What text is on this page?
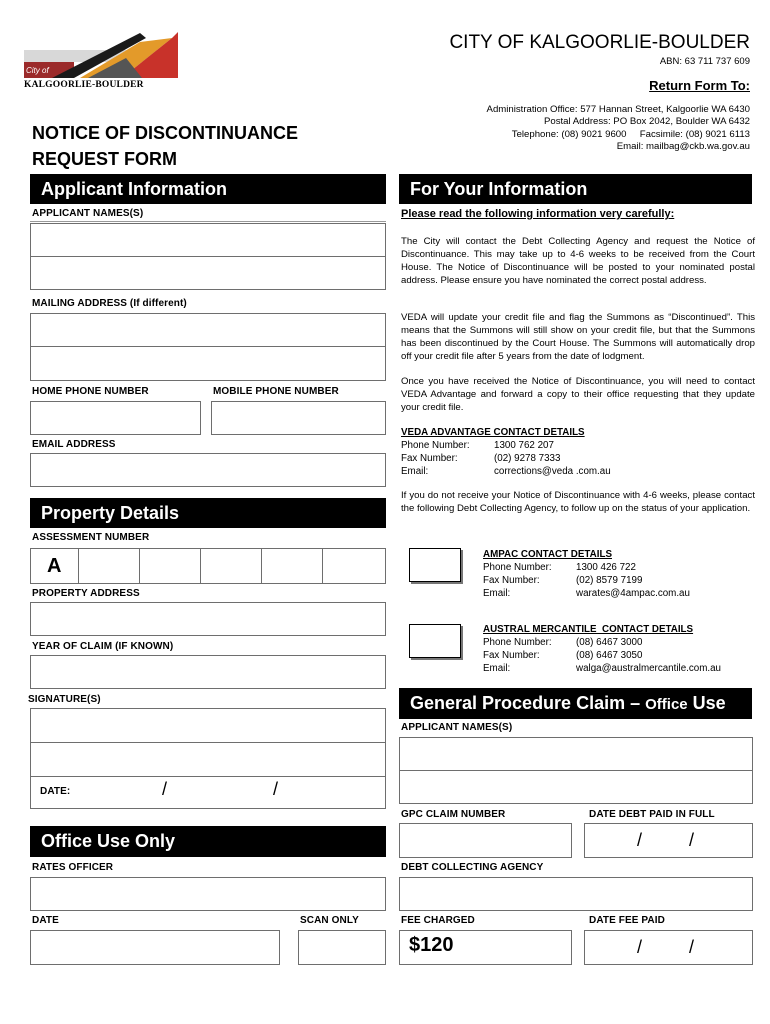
City of
KALGOORLIE-BOULDER
CITY OF KALGOORLIE-BOULDER
ABN: 63 711 737 609
Return Form To:
Administration Office: 577 Hannan Street, Kalgoorlie WA 6430
Postal Address: PO Box 2042, Boulder WA 6432
Telephone: (08) 9021 9600     Facsimile: (08) 9021 6113
Email: mailbag@ckb.wa.gov.au
NOTICE OF DISCONTINUANCE
REQUEST FORM
Applicant Information
APPLICANT NAMES(S)
MAILING ADDRESS (If different)
HOME PHONE NUMBER	MOBILE PHONE NUMBER
EMAIL ADDRESS
Property Details
ASSESSMENT NUMBER
A
PROPERTY ADDRESS
YEAR OF CLAIM (IF KNOWN)
SIGNATURE(S)
DATE:	/	/
Office Use Only
RATES OFFICER
DATE	SCAN ONLY
For Your Information
Please read the following information very carefully:
The City will contact the Debt Collecting Agency and request the Notice of Discontinuance. This may take up to 4-6 weeks to be received from the Court House. The Notice of Discontinuance will be posted to your nominated postal address. Please ensure you have nominated the correct postal address.
VEDA will update your credit file and flag the Summons as “Discontinued”. This means that the Summons will still show on your credit file, but that the Summons has been discontinued by the Court House. The Summons will automatically drop off your credit file after 5 years from the date of lodgment.
Once you have received the Notice of Discontinuance, you will need to contact VEDA Advantage and forward a copy to their office requesting that they update your credit file.
VEDA ADVANTAGE CONTACT DETAILS
Phone Number:	1300 762 207
Fax Number:	(02) 9278 7333
Email:	corrections@veda .com.au
If you do not receive your Notice of Discontinuance with 4-6 weeks, please contact the following Debt Collecting Agency, to follow up on the status of your application.
AMPAC CONTACT DETAILS
Phone Number:	1300 426 722
Fax Number:	(02) 8579 7199
Email:	warates@4ampac.com.au
AUSTRAL MERCANTILE  CONTACT DETAILS
Phone Number:	(08) 6467 3000
Fax Number:	(08) 6467 3050
Email:	walga@australmercantile.com.au
General Procedure Claim – Office Use
APPLICANT NAMES(S)
GPC CLAIM NUMBER	DATE DEBT PAID IN FULL
/	/
DEBT COLLECTING AGENCY
FEE CHARGED	DATE FEE PAID
$120	/	/
